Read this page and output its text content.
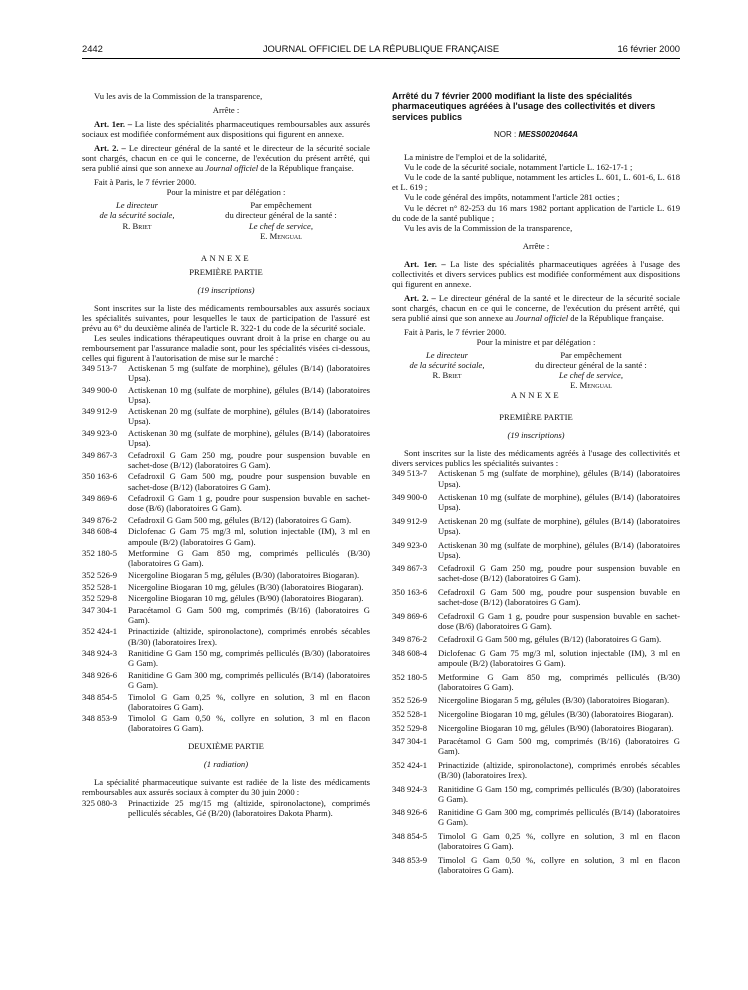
2442	JOURNAL OFFICIEL DE LA RÉPUBLIQUE FRANÇAISE	16 février 2000

Vu les avis de la Commission de la transparence,

Arrête :

Art. 1er. – La liste des spécialités pharmaceutiques remboursables aux assurés sociaux est modifiée conformément aux dispositions qui figurent en annexe.

Art. 2. – Le directeur général de la santé et le directeur de la sécurité sociale sont chargés, chacun en ce qui le concerne, de l'exécution du présent arrêté, qui sera publié ainsi que son annexe au Journal officiel de la République française.

Fait à Paris, le 7 février 2000.

Pour la ministre et par délégation :

Le directeur

de la sécurité sociale,

R. Briet

Par empêchement

du directeur général de la santé :

Le chef de service,

E. Mengual

ANNEXE

PREMIÈRE PARTIE

(19 inscriptions)

Sont inscrites sur la liste des médicaments remboursables aux assurés sociaux les spécialités suivantes, pour lesquelles le taux de participation de l'assuré est prévu au 6° du deuxième alinéa de l'article R. 322-1 du code de la sécurité sociale.

Les seules indications thérapeutiques ouvrant droit à la prise en charge ou au remboursement par l'assurance maladie sont, pour les spécialités visées ci-dessous, celles qui figurent à l'autorisation de mise sur le marché :

349 513-7	Actiskenan 5 mg (sulfate de morphine), gélules (B/14) (laboratoires Upsa).
349 900-0	Actiskenan 10 mg (sulfate de morphine), gélules (B/14) (laboratoires Upsa).
349 912-9	Actiskenan 20 mg (sulfate de morphine), gélules (B/14) (laboratoires Upsa).
349 923-0	Actiskenan 30 mg (sulfate de morphine), gélules (B/14) (laboratoires Upsa).
349 867-3	Cefadroxil G Gam 250 mg, poudre pour suspension buvable en sachet-dose (B/12) (laboratoires G Gam).
350 163-6	Cefadroxil G Gam 500 mg, poudre pour suspension buvable en sachet-dose (B/12) (laboratoires G Gam).
349 869-6	Cefadroxil G Gam 1 g, poudre pour suspension buvable en sachet-dose (B/6) (laboratoires G Gam).
349 876-2	Cefadroxil G Gam 500 mg, gélules (B/12) (laboratoires G Gam).
348 608-4	Diclofenac G Gam 75 mg/3 ml, solution injectable (IM), 3 ml en ampoule (B/2) (laboratoires G Gam).
352 180-5	Metformine G Gam 850 mg, comprimés pelliculés (B/30) (laboratoires G Gam).
352 526-9	Nicergoline Biogaran 5 mg, gélules (B/30) (laboratoires Biogaran).
352 528-1	Nicergoline Biogaran 10 mg, gélules (B/30) (laboratoires Biogaran).
352 529-8	Nicergoline Biogaran 10 mg, gélules (B/90) (laboratoires Biogaran).
347 304-1	Paracétamol G Gam 500 mg, comprimés (B/16) (laboratoires G Gam).
352 424-1	Prinactizide (altizide, spironolactone), comprimés enrobés sécables (B/30) (laboratoires Irex).
348 924-3	Ranitidine G Gam 150 mg, comprimés pelliculés (B/30) (laboratoires G Gam).
348 926-6	Ranitidine G Gam 300 mg, comprimés pelliculés (B/14) (laboratoires G Gam).
348 854-5	Timolol G Gam 0,25 %, collyre en solution, 3 ml en flacon (laboratoires G Gam).
348 853-9	Timolol G Gam 0,50 %, collyre en solution, 3 ml en flacon (laboratoires G Gam).

DEUXIÈME PARTIE

(1 radiation)

La spécialité pharmaceutique suivante est radiée de la liste des médicaments remboursables aux assurés sociaux à compter du 30 juin 2000 :

325 080-3	Prinactizide 25 mg/15 mg (altizide, spironolactone), comprimés pelliculés sécables, Gé (B/20) (laboratoires Dakota Pharm).

Arrêté du 7 février 2000 modifiant la liste des spécialités pharmaceutiques agréées à l'usage des collectivités et divers services publics

NOR : MESS0020464A

La ministre de l'emploi et de la solidarité,

Vu le code de la sécurité sociale, notamment l'article L. 162-17-1 ;

Vu le code de la santé publique, notamment les articles L. 601, L. 601-6, L. 618 et L. 619 ;

Vu le code général des impôts, notamment l'article 281 octies ;

Vu le décret n° 82-253 du 16 mars 1982 portant application de l'article L. 619 du code de la santé publique ;

Vu les avis de la Commission de la transparence,

Arrête :

Art. 1er. – La liste des spécialités pharmaceutiques agréées à l'usage des collectivités et divers services publics est modifiée conformément aux dispositions qui figurent en annexe.

Art. 2. – Le directeur général de la santé et le directeur de la sécurité sociale sont chargés, chacun en ce qui le concerne, de l'exécution du présent arrêté, qui sera publié ainsi que son annexe au Journal officiel de la République française.

Fait à Paris, le 7 février 2000.

Pour la ministre et par délégation :

Le directeur

de la sécurité sociale,

R. Briet

Par empêchement

du directeur général de la santé :

Le chef de service,

E. Mengual

ANNEXE

PREMIÈRE PARTIE

(19 inscriptions)

Sont inscrites sur la liste des médicaments agréés à l'usage des collectivités et divers services publics les spécialités suivantes :

349 513-7	Actiskenan 5 mg (sulfate de morphine), gélules (B/14) (laboratoires Upsa).
349 900-0	Actiskenan 10 mg (sulfate de morphine), gélules (B/14) (laboratoires Upsa).
349 912-9	Actiskenan 20 mg (sulfate de morphine), gélules (B/14) (laboratoires Upsa).
349 923-0	Actiskenan 30 mg (sulfate de morphine), gélules (B/14) (laboratoires Upsa).
349 867-3	Cefadroxil G Gam 250 mg, poudre pour suspension buvable en sachet-dose (B/12) (laboratoires G Gam).
350 163-6	Cefadroxil G Gam 500 mg, poudre pour suspension buvable en sachet-dose (B/12) (laboratoires G Gam).
349 869-6	Cefadroxil G Gam 1 g, poudre pour suspension buvable en sachet-dose (B/6) (laboratoires G Gam).
349 876-2	Cefadroxil G Gam 500 mg, gélules (B/12) (laboratoires G Gam).
348 608-4	Diclofenac G Gam 75 mg/3 ml, solution injectable (IM), 3 ml en ampoule (B/2) (laboratoires G Gam).
352 180-5	Metformine G Gam 850 mg, comprimés pelliculés (B/30) (laboratoires G Gam).
352 526-9	Nicergoline Biogaran 5 mg, gélules (B/30) (laboratoires Biogaran).
352 528-1	Nicergoline Biogaran 10 mg, gélules (B/30) (laboratoires Biogaran).
352 529-8	Nicergoline Biogaran 10 mg, gélules (B/90) (laboratoires Biogaran).
347 304-1	Paracétamol G Gam 500 mg, comprimés (B/16) (laboratoires G Gam).
352 424-1	Prinactizide (altizide, spironolactone), comprimés enrobés sécables (B/30) (laboratoires Irex).
348 924-3	Ranitidine G Gam 150 mg, comprimés pelliculés (B/30) (laboratoires G Gam).
348 926-6	Ranitidine G Gam 300 mg, comprimés pelliculés (B/14) (laboratoires G Gam).
348 854-5	Timolol G Gam 0,25 %, collyre en solution, 3 ml en flacon (laboratoires G Gam).
348 853-9	Timolol G Gam 0,50 %, collyre en solution, 3 ml en flacon (laboratoires G Gam).
